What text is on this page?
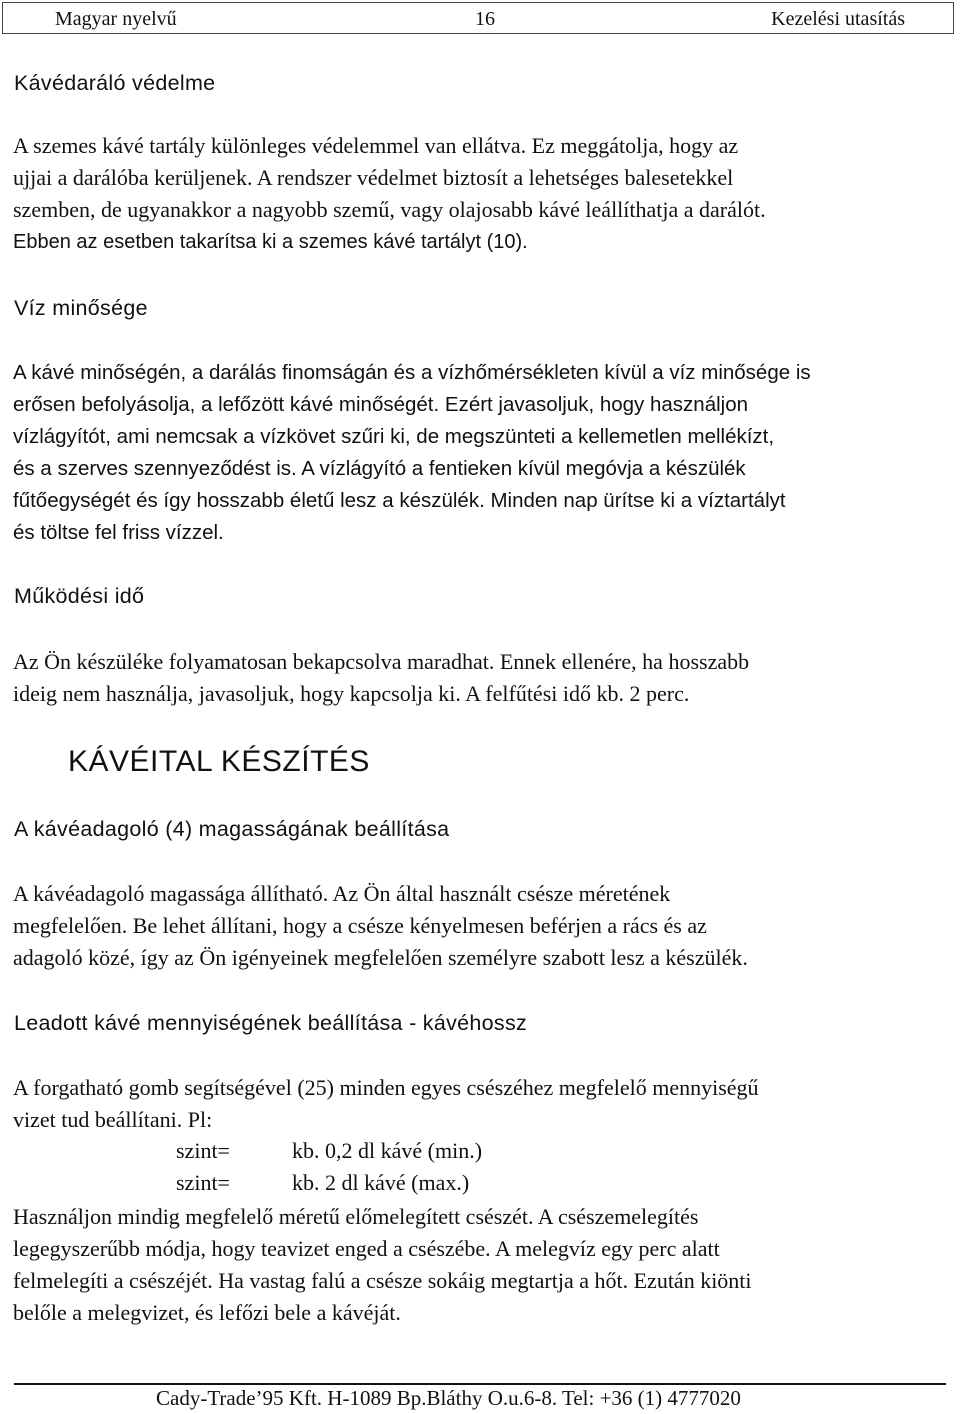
Magyar nyelvű	16	Kezelési utasítás
Kávédaráló védelme
A szemes kávé tartály különleges védelemmel van ellátva. Ez meggátolja, hogy az
ujjai a darálóba kerüljenek. A rendszer védelmet biztosít a lehetséges balesetekkel
szemben, de ugyanakkor a nagyobb szemű, vagy olajosabb kávé leállíthatja a darálót.
Ebben az esetben takarítsa ki a szemes kávé tartályt (10).
Víz minősége
A kávé minőségén, a darálás finomságán és a vízhőmérsékleten kívül a víz minősége is
erősen befolyásolja, a lefőzött kávé minőségét. Ezért javasoljuk, hogy használjon
vízlágyítót, ami nemcsak a vízkövet szűri ki, de megszünteti a kellemetlen mellékízt,
és a szerves szennyeződést is. A vízlágyító a fentieken kívül megóvja a készülék
fűtőegységét és így hosszabb életű lesz a készülék. Minden nap ürítse ki a víztartályt
és töltse fel friss vízzel.
Működési idő
Az Ön készüléke folyamatosan bekapcsolva maradhat. Ennek ellenére, ha hosszabb
ideig nem használja, javasoljuk, hogy kapcsolja ki. A felfűtési idő kb. 2 perc.
KÁVÉITAL KÉSZÍTÉS
A kávéadagoló (4) magasságának beállítása
A kávéadagoló magassága állítható. Az Ön által használt csésze méretének
megfelelően. Be lehet állítani, hogy a csésze kényelmesen beférjen a rács és az
adagoló közé, így az Ön igényeinek megfelelően személyre szabott lesz a készülék.
Leadott kávé mennyiségének beállítása - kávéhossz
A forgatható gomb segítségével (25) minden egyes csészéhez megfelelő mennyiségű
vizet tud beállítani. Pl:
szint=	kb. 0,2 dl kávé (min.)
szint=	kb. 2 dl kávé (max.)
Használjon mindig megfelelő méretű előmelegített csészét. A csészemelegítés
legegyszerűbb módja, hogy teavizet enged a csészébe. A melegvíz egy perc alatt
felmelegíti a csészéjét. Ha vastag falú a csésze sokáig megtartja a hőt. Ezután kiönti
belőle a melegvizet, és lefőzi bele a kávéját.
Cady-Trade’95 Kft. H-1089 Bp.Bláthy O.u.6-8. Tel: +36 (1) 4777020
